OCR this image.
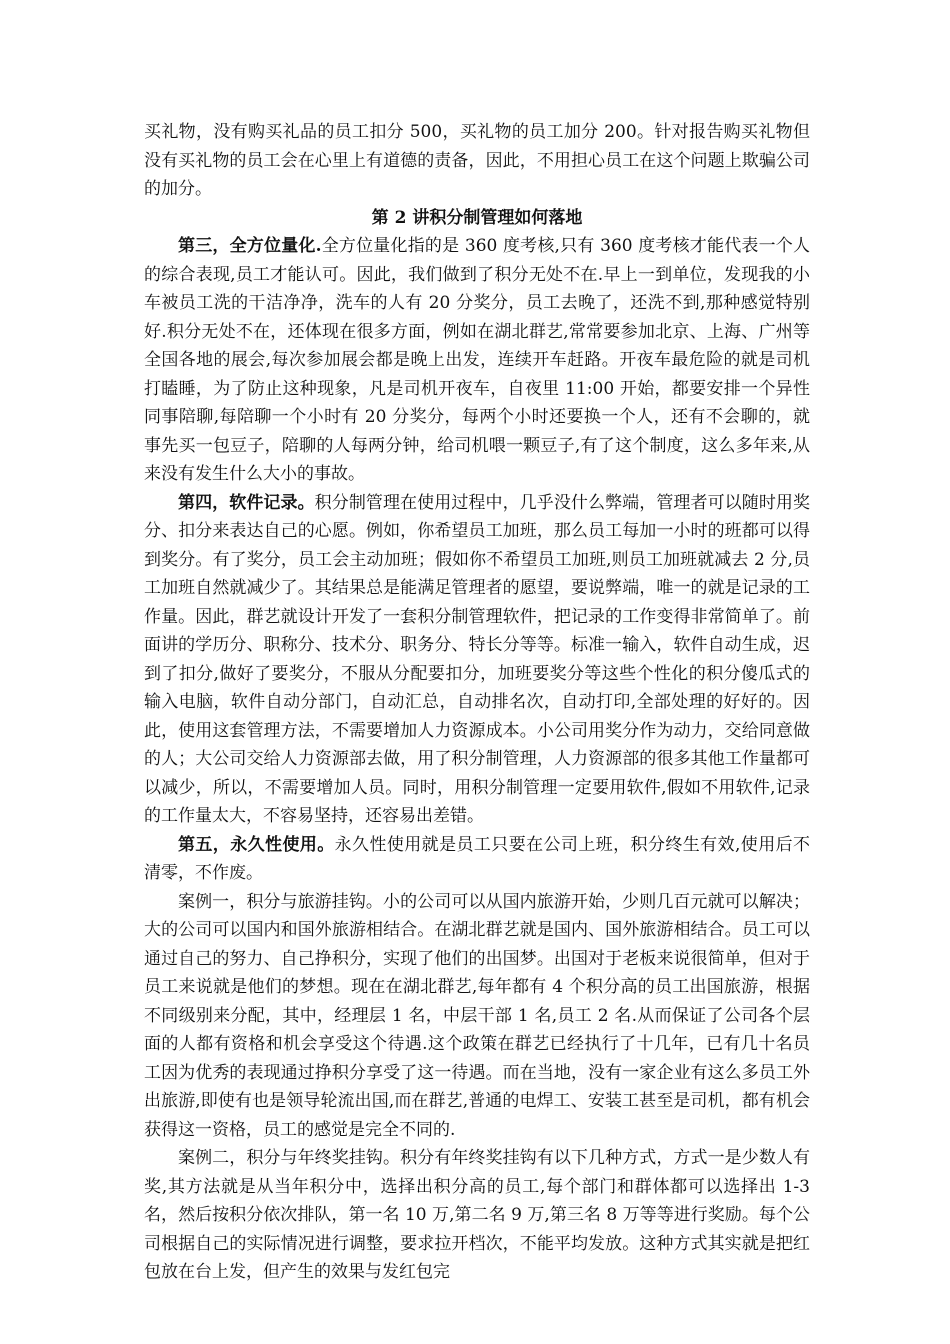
买礼物，没有购买礼品的员工扣分 500，买礼物的员工加分 200。针对报告购买礼物但没有买礼物的员工会在心里上有道德的责备，因此，不用担心员工在这个问题上欺骗公司的加分。

第 2 讲积分制管理如何落地

第三，全方位量化.全方位量化指的是 360 度考核,只有 360 度考核才能代表一个人的综合表现,员工才能认可。因此，我们做到了积分无处不在.早上一到单位，发现我的小车被员工洗的干洁净净，洗车的人有 20 分奖分，员工去晚了，还洗不到,那种感觉特别好.积分无处不在，还体现在很多方面，例如在湖北群艺,常常要参加北京、上海、广州等全国各地的展会,每次参加展会都是晚上出发，连续开车赶路。开夜车最危险的就是司机打瞌睡，为了防止这种现象，凡是司机开夜车，自夜里 11:00 开始，都要安排一个异性同事陪聊,每陪聊一个小时有 20 分奖分，每两个小时还要换一个人，还有不会聊的，就事先买一包豆子，陪聊的人每两分钟，给司机喂一颗豆子,有了这个制度，这么多年来,从来没有发生什么大小的事故。

第四，软件记录。积分制管理在使用过程中，几乎没什么弊端，管理者可以随时用奖分、扣分来表达自己的心愿。例如，你希望员工加班，那么员工每加一小时的班都可以得到奖分。有了奖分，员工会主动加班；假如你不希望员工加班,则员工加班就减去 2 分,员工加班自然就减少了。其结果总是能满足管理者的愿望，要说弊端，唯一的就是记录的工作量。因此，群艺就设计开发了一套积分制管理软件，把记录的工作变得非常简单了。前面讲的学历分、职称分、技术分、职务分、特长分等等。标准一输入，软件自动生成，迟到了扣分,做好了要奖分，不服从分配要扣分，加班要奖分等这些个性化的积分傻瓜式的输入电脑，软件自动分部门，自动汇总，自动排名次，自动打印,全部处理的好好的。因此，使用这套管理方法，不需要增加人力资源成本。小公司用奖分作为动力，交给同意做的人；大公司交给人力资源部去做，用了积分制管理，人力资源部的很多其他工作量都可以减少，所以，不需要增加人员。同时，用积分制管理一定要用软件,假如不用软件,记录的工作量太大，不容易坚持，还容易出差错。

第五，永久性使用。永久性使用就是员工只要在公司上班，积分终生有效,使用后不清零，不作废。

案例一，积分与旅游挂钩。小的公司可以从国内旅游开始，少则几百元就可以解决；大的公司可以国内和国外旅游相结合。在湖北群艺就是国内、国外旅游相结合。员工可以通过自己的努力、自己挣积分，实现了他们的出国梦。出国对于老板来说很简单，但对于员工来说就是他们的梦想。现在在湖北群艺,每年都有 4 个积分高的员工出国旅游，根据不同级别来分配，其中，经理层 1 名，中层干部 1 名,员工 2 名.从而保证了公司各个层面的人都有资格和机会享受这个待遇.这个政策在群艺已经执行了十几年，已有几十名员工因为优秀的表现通过挣积分享受了这一待遇。而在当地，没有一家企业有这么多员工外出旅游,即使有也是领导轮流出国,而在群艺,普通的电焊工、安装工甚至是司机，都有机会获得这一资格，员工的感觉是完全不同的.

案例二，积分与年终奖挂钩。积分有年终奖挂钩有以下几种方式，方式一是少数人有奖,其方法就是从当年积分中，选择出积分高的员工,每个部门和群体都可以选择出 1-3 名，然后按积分依次排队，第一名 10 万,第二名 9 万,第三名 8 万等等进行奖励。每个公司根据自己的实际情况进行调整，要求拉开档次，不能平均发放。这种方式其实就是把红包放在台上发，但产生的效果与发红包完
